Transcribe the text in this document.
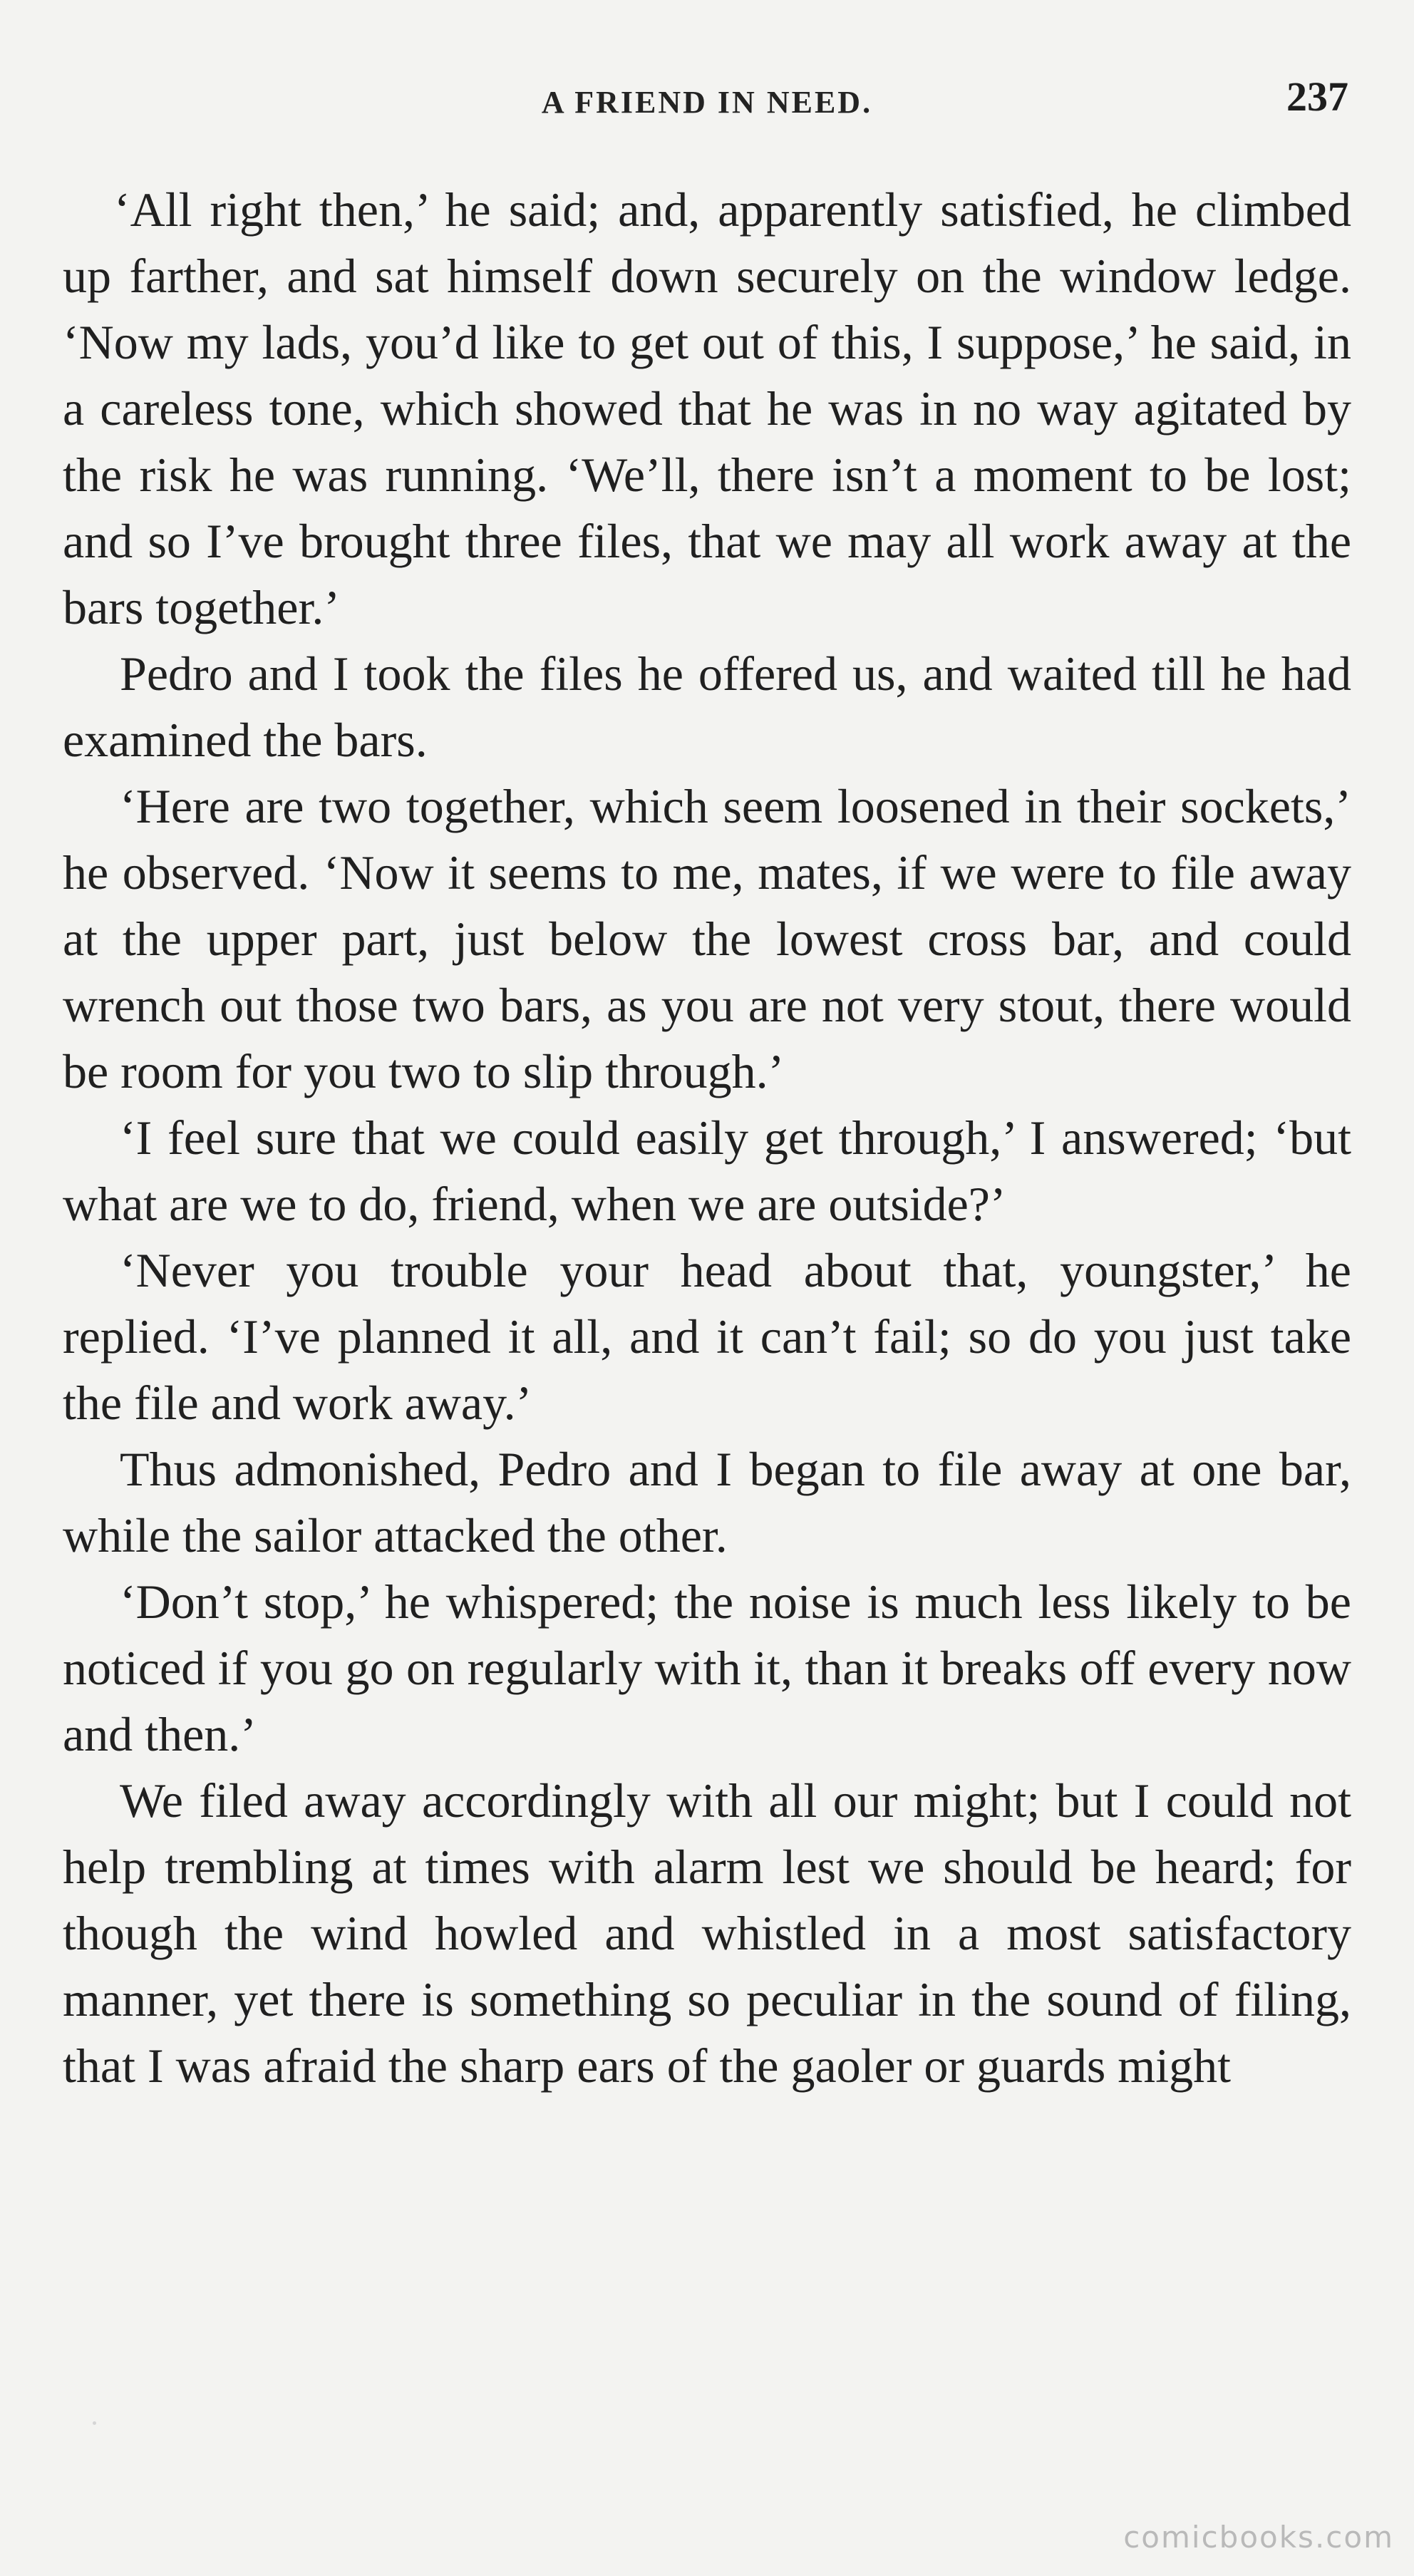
A FRIEND IN NEED.	237

‘All right then,’ he said; and, apparently satisfied, he climbed up farther, and sat himself down securely on the window ledge. ‘Now my lads, you’d like to get out of this, I suppose,’ he said, in a careless tone, which showed that he was in no way agitated by the risk he was running. ‘We’ll, there isn’t a moment to be lost; and so I’ve brought three files, that we may all work away at the bars together.’

Pedro and I took the files he offered us, and waited till he had examined the bars.

‘Here are two together, which seem loosened in their sockets,’ he observed. ‘Now it seems to me, mates, if we were to file away at the upper part, just below the lowest cross bar, and could wrench out those two bars, as you are not very stout, there would be room for you two to slip through.’

‘I feel sure that we could easily get through,’ I answered; ‘but what are we to do, friend, when we are outside?’

‘Never you trouble your head about that, youngster,’ he replied. ‘I’ve planned it all, and it can’t fail; so do you just take the file and work away.’

Thus admonished, Pedro and I began to file away at one bar, while the sailor attacked the other.

‘Don’t stop,’ he whispered; the noise is much less likely to be noticed if you go on regularly with it, than it breaks off every now and then.’

We filed away accordingly with all our might; but I could not help trembling at times with alarm lest we should be heard; for though the wind howled and whistled in a most satisfactory manner, yet there is something so peculiar in the sound of filing, that I was afraid the sharp ears of the gaoler or guards might

comicbooks.com
